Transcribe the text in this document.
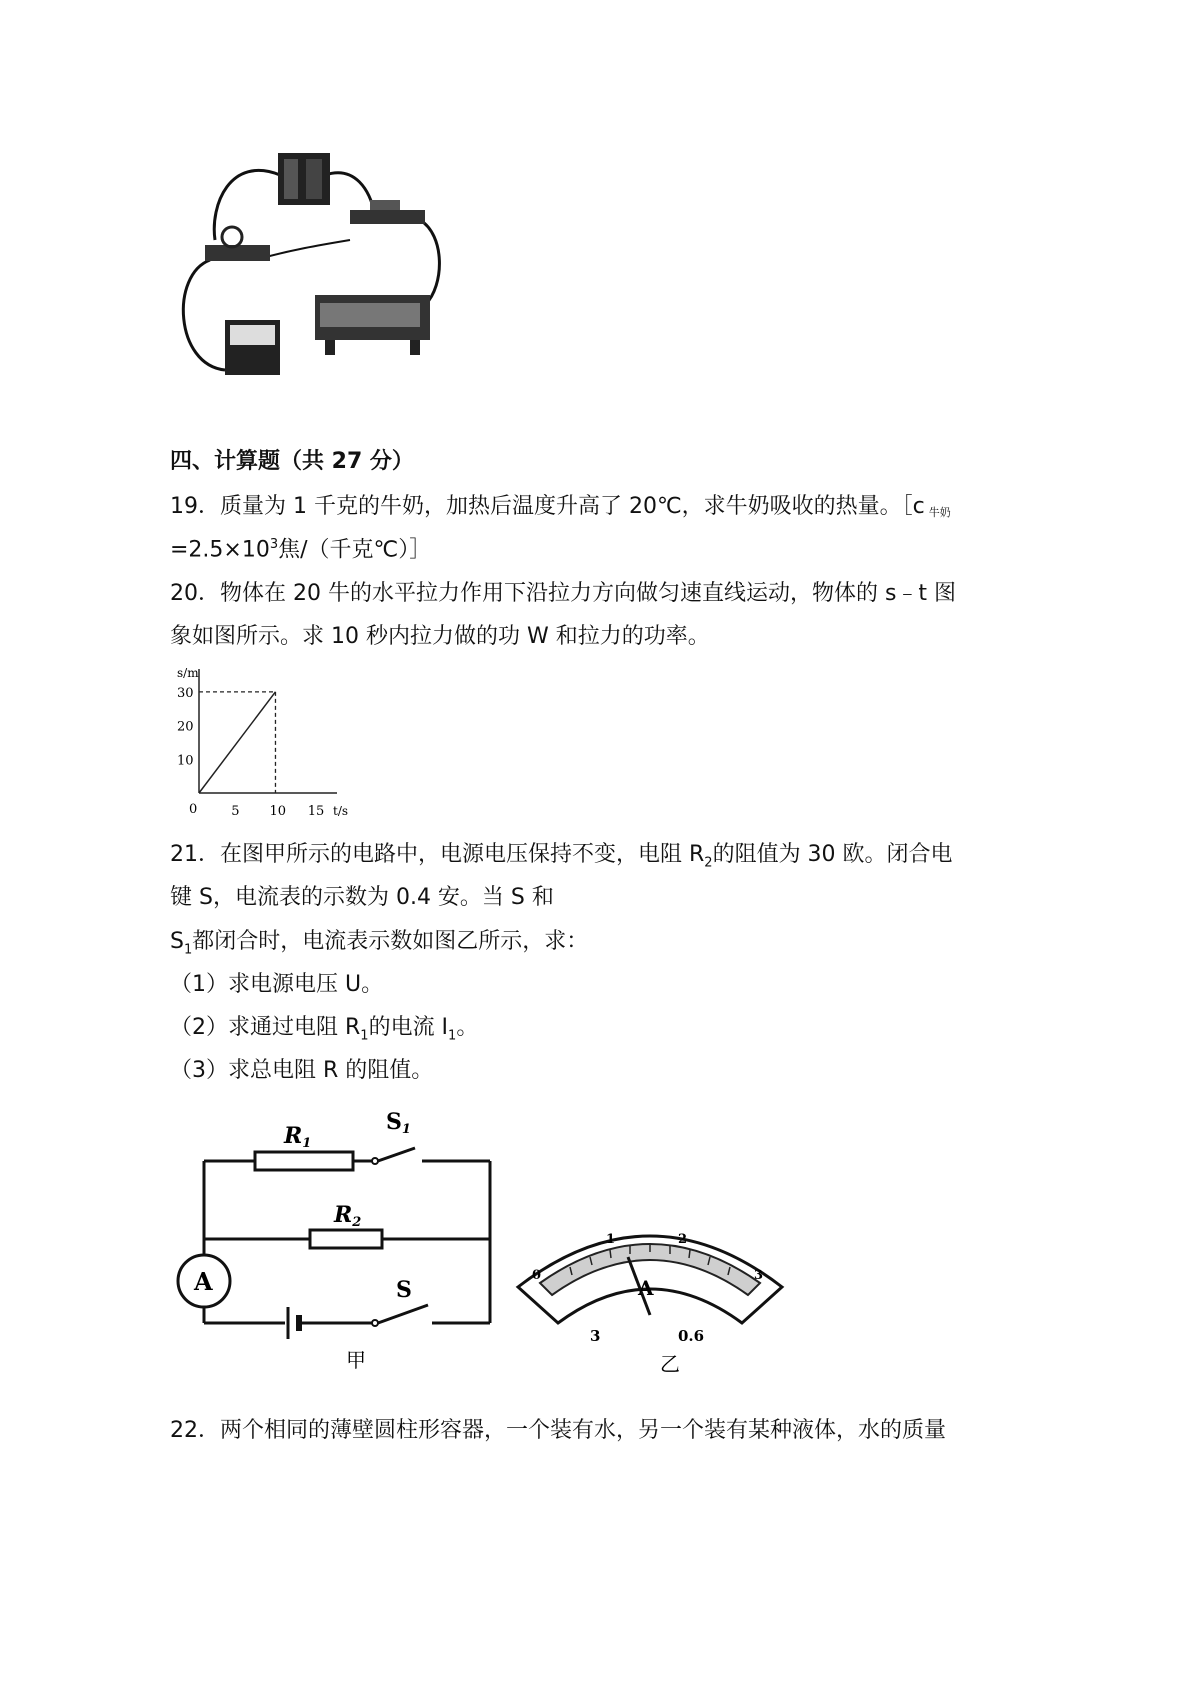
四、计算题（共 27 分）
19．质量为 1 千克的牛奶，加热后温度升高了 20℃，求牛奶吸收的热量。［c 牛奶
$=2.5\times 10^3$焦/（千克℃）］
20．物体在 20 牛的水平拉力作用下沿拉力方向做匀速直线运动，物体的 s﹣t 图
象如图所示。求 10 秒内拉力做的功 W 和拉力的功率。
s/m
t/s
0	5 10 15
10
20
30
21．在图甲所示的电路中，电源电压保持不变，电阻 $R_2$的阻值为 30 欧。闭合电
键 S，电流表的示数为 0.4 安。当 S 和
$S_1$都闭合时，电流表示数如图乙所示，求：
（1）求电源电压 U。
（2）求通过电阻 $R_1$的电流 $I_1$。
（3）求总电阻 R 的阻值。
R1
S1
R2
A	S
甲
0
1	2
3
A
3	0.6
乙
22．两个相同的薄壁圆柱形容器，一个装有水，另一个装有某种液体，水的质量
